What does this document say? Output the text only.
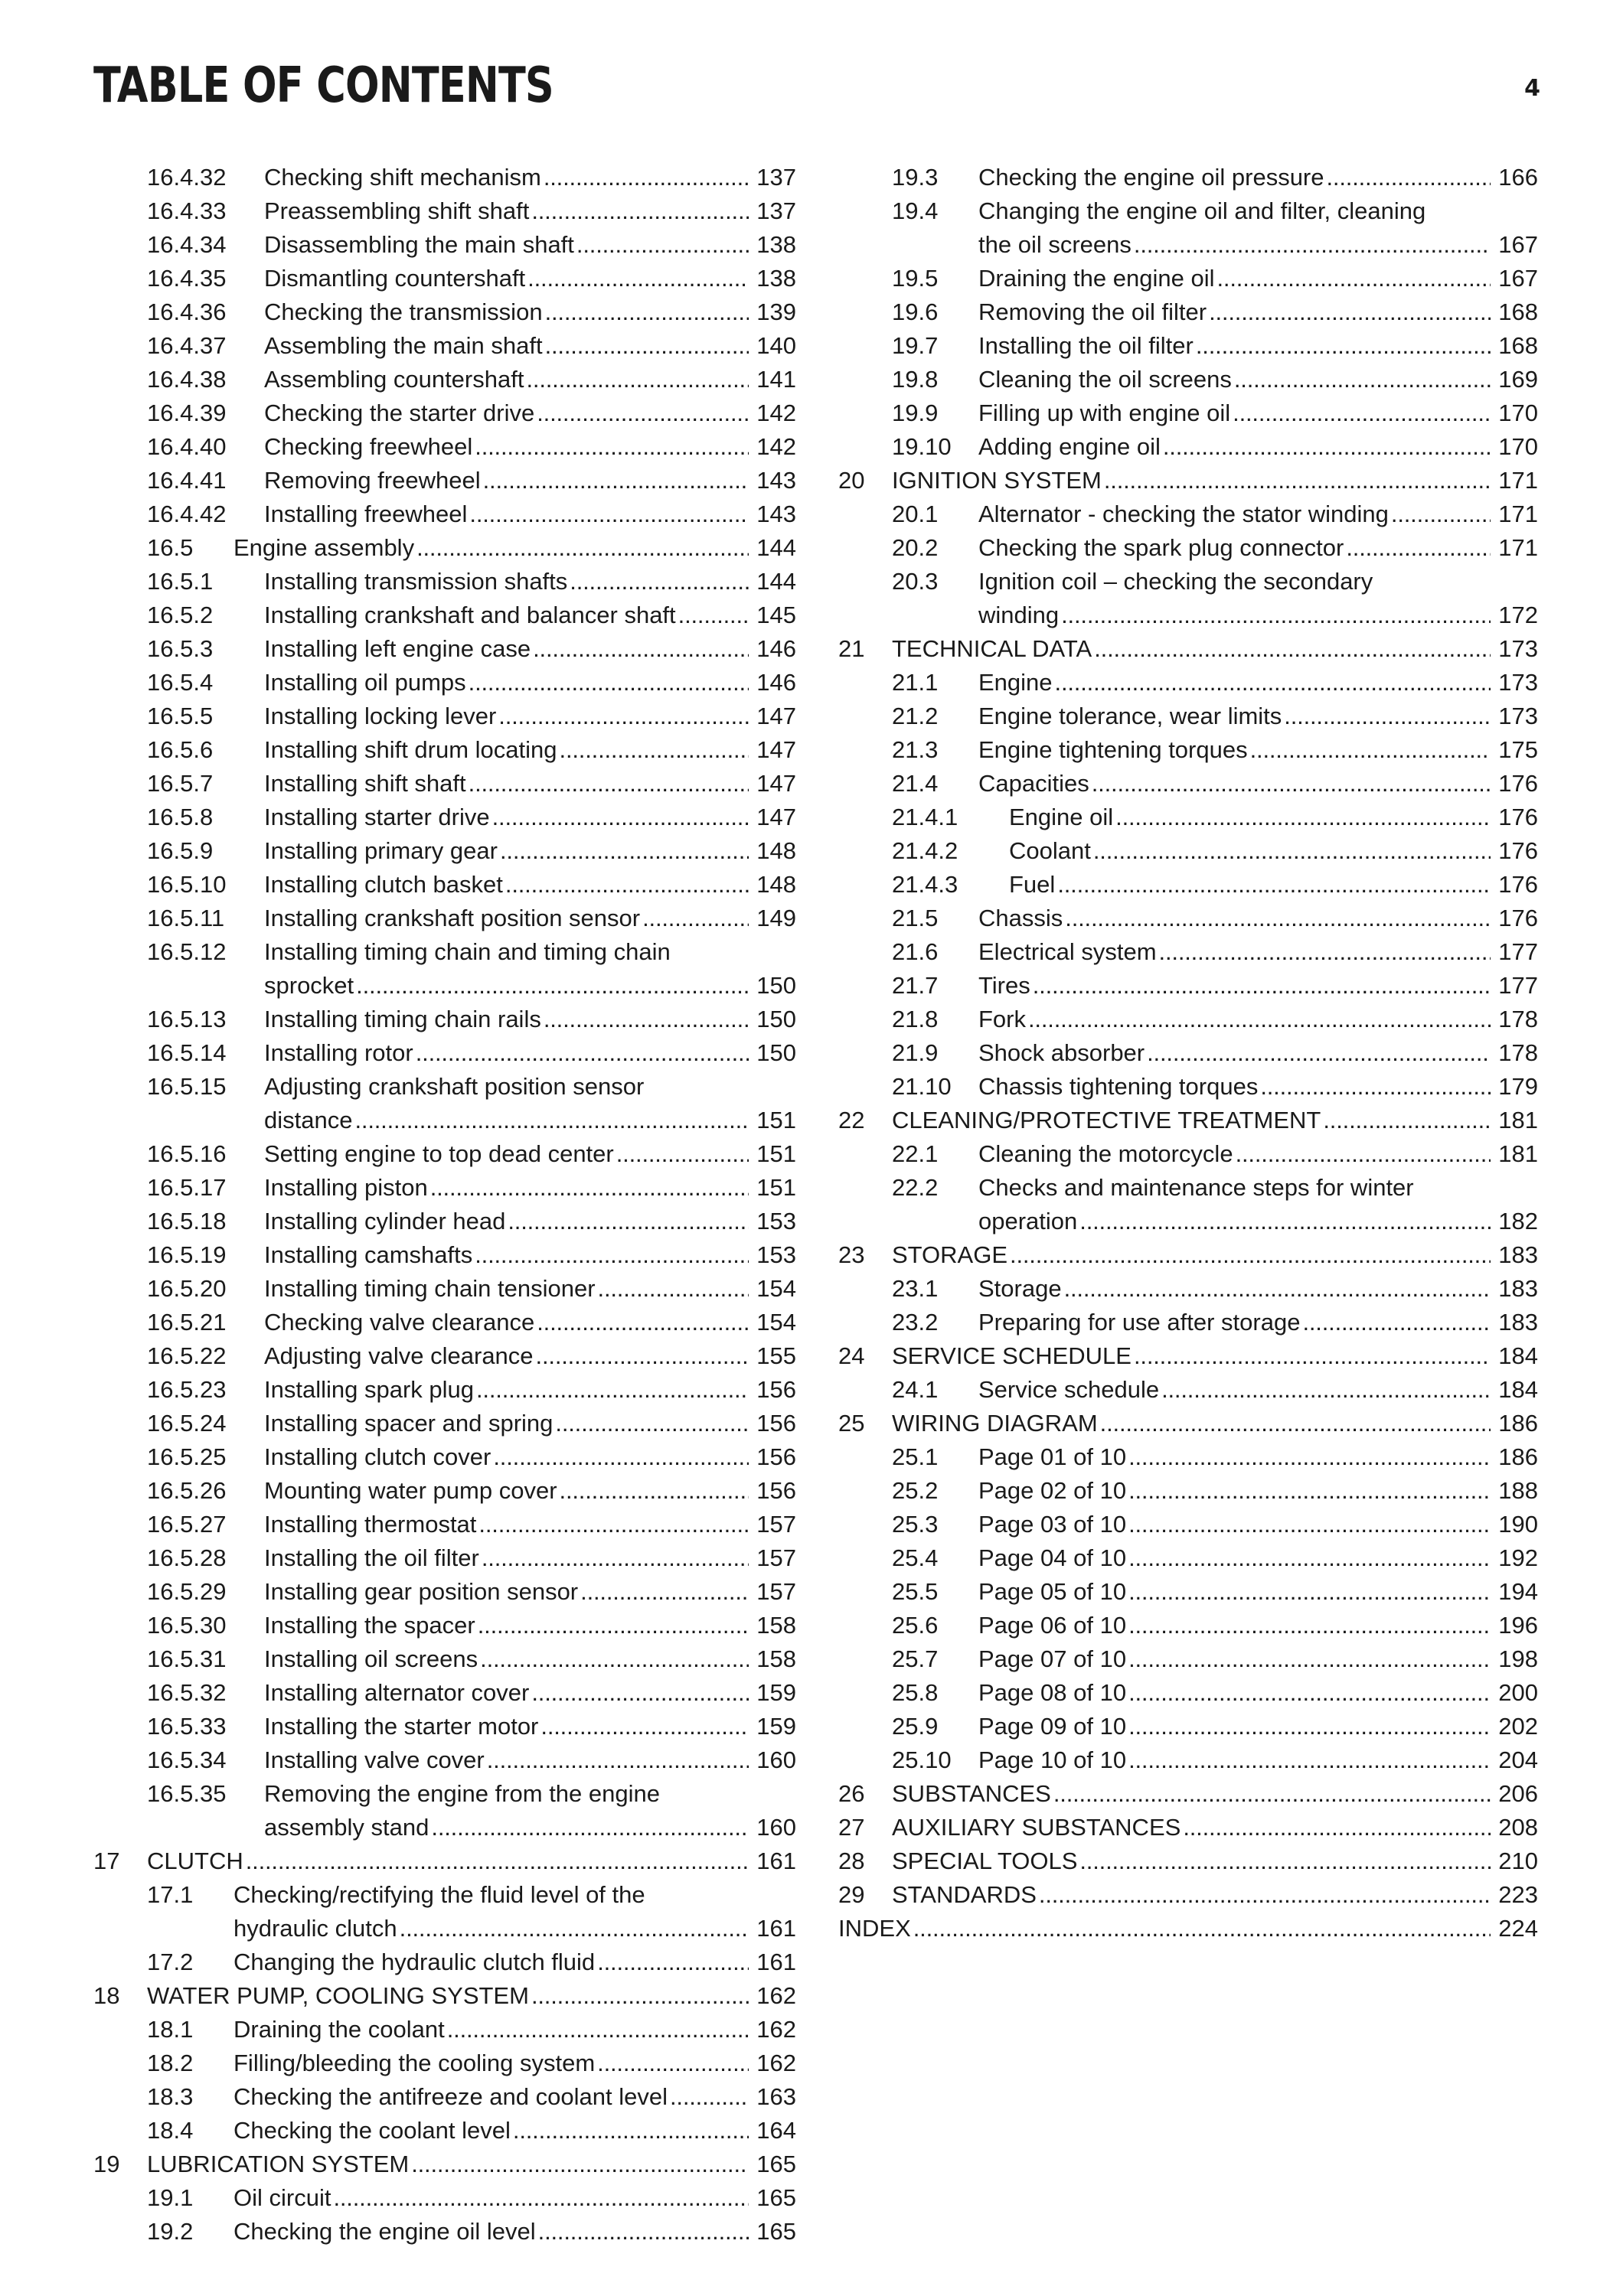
TABLE OF CONTENTS	4
16.4.32 Checking shift mechanism . . .	137
16.4.33 Preassembling shift shaft . . .	137
16.4.34 Disassembling the main shaft . . .	138
16.4.35 Dismantling countershaft . . .	138
16.4.36 Checking the transmission . . .	139
16.4.37 Assembling the main shaft . . .	140
16.4.38 Assembling countershaft . . .	141
16.4.39 Checking the starter drive . . .	142
16.4.40 Checking freewheel . . .	142
16.4.41 Removing freewheel . . .	143
16.4.42 Installing freewheel . . .	143
16.5 Engine assembly . . .	144
16.5.1 Installing transmission shafts . . .	144
16.5.2 Installing crankshaft and balancer shaft . . .	145
16.5.3 Installing left engine case . . .	146
16.5.4 Installing oil pumps . . .	146
16.5.5 Installing locking lever . . .	147
16.5.6 Installing shift drum locating . . .	147
16.5.7 Installing shift shaft . . .	147
16.5.8 Installing starter drive . . .	147
16.5.9 Installing primary gear . . .	148
16.5.10 Installing clutch basket . . .	148
16.5.11 Installing crankshaft position sensor . . .	149
16.5.12 Installing timing chain and timing chain
sprocket . . .	150
16.5.13 Installing timing chain rails . . .	150
16.5.14 Installing rotor . . .	150
16.5.15 Adjusting crankshaft position sensor
distance . . .	151
16.5.16 Setting engine to top dead center . . .	151
16.5.17 Installing piston . . .	151
16.5.18 Installing cylinder head . . .	153
16.5.19 Installing camshafts . . .	153
16.5.20 Installing timing chain tensioner . . .	154
16.5.21 Checking valve clearance . . .	154
16.5.22 Adjusting valve clearance . . .	155
16.5.23 Installing spark plug . . .	156
16.5.24 Installing spacer and spring . . .	156
16.5.25 Installing clutch cover . . .	156
16.5.26 Mounting water pump cover . . .	156
16.5.27 Installing thermostat . . .	157
16.5.28 Installing the oil filter . . .	157
16.5.29 Installing gear position sensor . . .	157
16.5.30 Installing the spacer . . .	158
16.5.31 Installing oil screens . . .	158
16.5.32 Installing alternator cover . . .	159
16.5.33 Installing the starter motor . . .	159
16.5.34 Installing valve cover . . .	160
16.5.35 Removing the engine from the engine
assembly stand . . .	160
17 CLUTCH . . .	161
17.1 Checking/rectifying the fluid level of the
hydraulic clutch . . .	161
17.2 Changing the hydraulic clutch fluid . . .	161
18 WATER PUMP, COOLING SYSTEM . . .	162
18.1 Draining the coolant . . .	162
18.2 Filling/bleeding the cooling system . . .	162
18.3 Checking the antifreeze and coolant level . . .	163
18.4 Checking the coolant level . . .	164
19 LUBRICATION SYSTEM . . .	165
19.1 Oil circuit . . .	165
19.2 Checking the engine oil level . . .	165
19.3 Checking the engine oil pressure . . .	166
19.4 Changing the engine oil and filter, cleaning
the oil screens . . .	167
19.5 Draining the engine oil . . .	167
19.6 Removing the oil filter . . .	168
19.7 Installing the oil filter . . .	168
19.8 Cleaning the oil screens . . .	169
19.9 Filling up with engine oil . . .	170
19.10 Adding engine oil . . .	170
20 IGNITION SYSTEM . . .	171
20.1 Alternator - checking the stator winding . . .	171
20.2 Checking the spark plug connector . . .	171
20.3 Ignition coil – checking the secondary
winding . . .	172
21 TECHNICAL DATA . . .	173
21.1 Engine . . .	173
21.2 Engine tolerance, wear limits . . .	173
21.3 Engine tightening torques . . .	175
21.4 Capacities . . .	176
21.4.1 Engine oil . . .	176
21.4.2 Coolant . . .	176
21.4.3 Fuel . . .	176
21.5 Chassis . . .	176
21.6 Electrical system . . .	177
21.7 Tires . . .	177
21.8 Fork . . .	178
21.9 Shock absorber . . .	178
21.10 Chassis tightening torques . . .	179
22 CLEANING/PROTECTIVE TREATMENT . . .	181
22.1 Cleaning the motorcycle . . .	181
22.2 Checks and maintenance steps for winter
operation . . .	182
23 STORAGE . . .	183
23.1 Storage . . .	183
23.2 Preparing for use after storage . . .	183
24 SERVICE SCHEDULE . . .	184
24.1 Service schedule . . .	184
25 WIRING DIAGRAM . . .	186
25.1 Page 01 of 10 . . .	186
25.2 Page 02 of 10 . . .	188
25.3 Page 03 of 10 . . .	190
25.4 Page 04 of 10 . . .	192
25.5 Page 05 of 10 . . .	194
25.6 Page 06 of 10 . . .	196
25.7 Page 07 of 10 . . .	198
25.8 Page 08 of 10 . . .	200
25.9 Page 09 of 10 . . .	202
25.10 Page 10 of 10 . . .	204
26 SUBSTANCES . . .	206
27 AUXILIARY SUBSTANCES . . .	208
28 SPECIAL TOOLS . . .	210
29 STANDARDS . . .	223
INDEX . . .	224
